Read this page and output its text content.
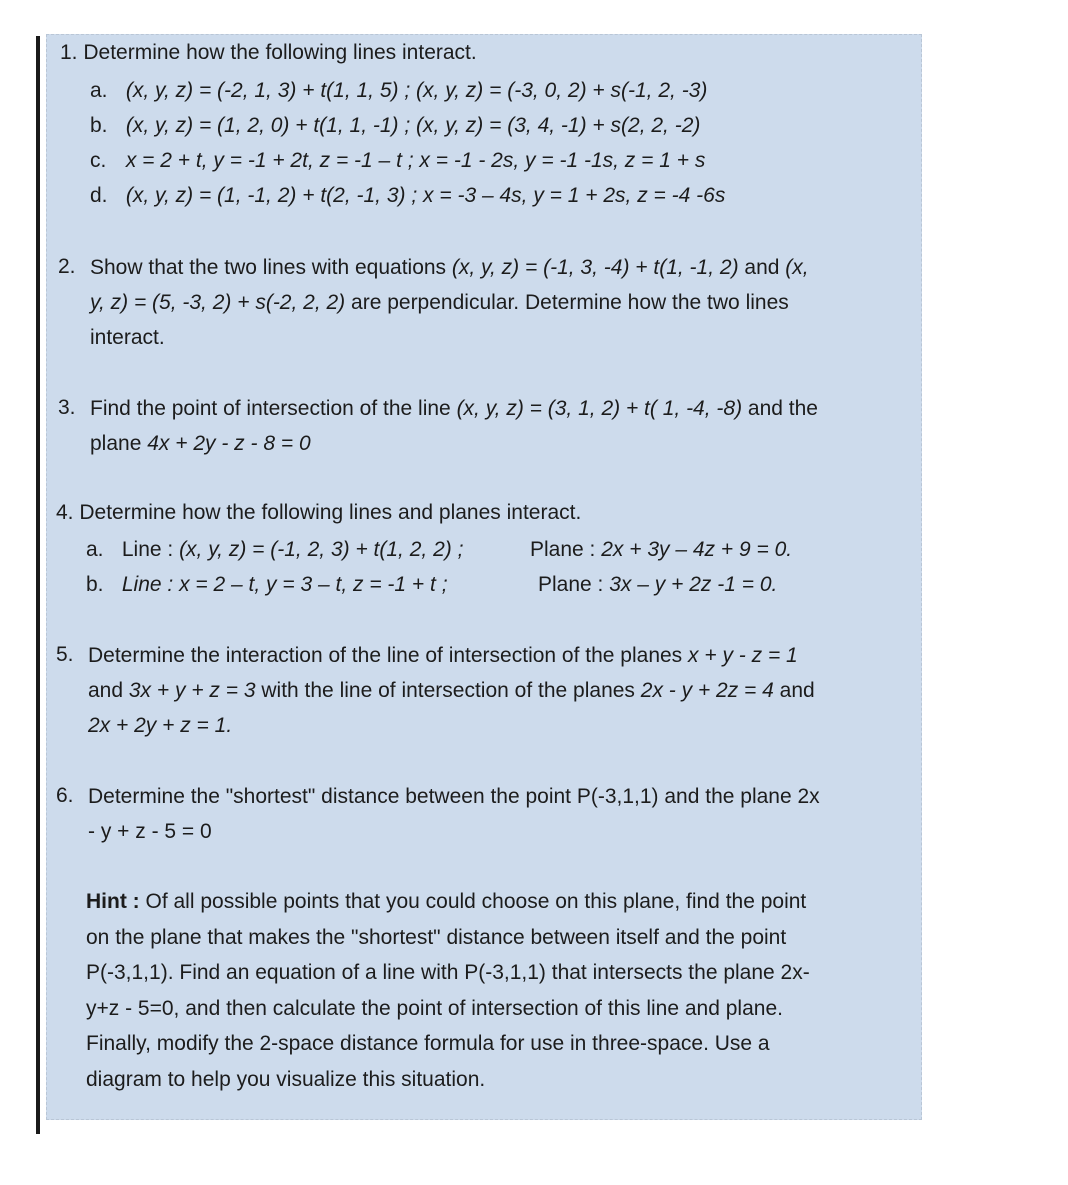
1. Determine how the following lines interact.
a. (x, y, z) = (-2, 1, 3) + t(1, 1, 5) ; (x, y, z) = (-3, 0, 2) + s(-1, 2, -3)
b. (x, y, z) = (1, 2, 0) + t(1, 1, -1) ; (x, y, z) = (3, 4, -1) + s(2, 2, -2)
c. x = 2 + t, y = -1 + 2t, z = -1 – t ; x = -1 - 2s, y = -1 -1s, z = 1 + s
d. (x, y, z) = (1, -1, 2) + t(2, -1, 3) ; x = -3 – 4s, y = 1 + 2s, z = -4 -6s
2. Show that the two lines with equations (x, y, z) = (-1, 3, -4) + t(1, -1, 2) and (x,

y, z) = (5, -3, 2) + s(-2, 2, 2) are perpendicular. Determine how the two lines

interact.

3. Find the point of intersection of the line (x, y, z) = (3, 1, 2) + t( 1, -4, -8) and the

plane 4x + 2y - z - 8 = 0

4. Determine how the following lines and planes interact.
a. Line : (x, y, z) = (-1, 2, 3) + t(1, 2, 2) ;	Plane : 2x + 3y – 4z + 9 = 0.
b. Line : x = 2 – t, y = 3 – t, z = -1 + t ;	Plane : 3x – y + 2z -1 = 0.
5. Determine the interaction of the line of intersection of the planes x + y - z = 1

and 3x + y + z = 3 with the line of intersection of the planes 2x - y + 2z = 4 and

2x + 2y + z = 1.

6. Determine the "shortest" distance between the point P(-3,1,1) and the plane 2x

- y + z - 5 = 0

Hint : Of all possible points that you could choose on this plane, find the point

on the plane that makes the "shortest" distance between itself and the point

P(-3,1,1). Find an equation of a line with P(-3,1,1) that intersects the plane 2x-

y+z - 5=0, and then calculate the point of intersection of this line and plane.

Finally, modify the 2-space distance formula for use in three-space. Use a

diagram to help you visualize this situation.
